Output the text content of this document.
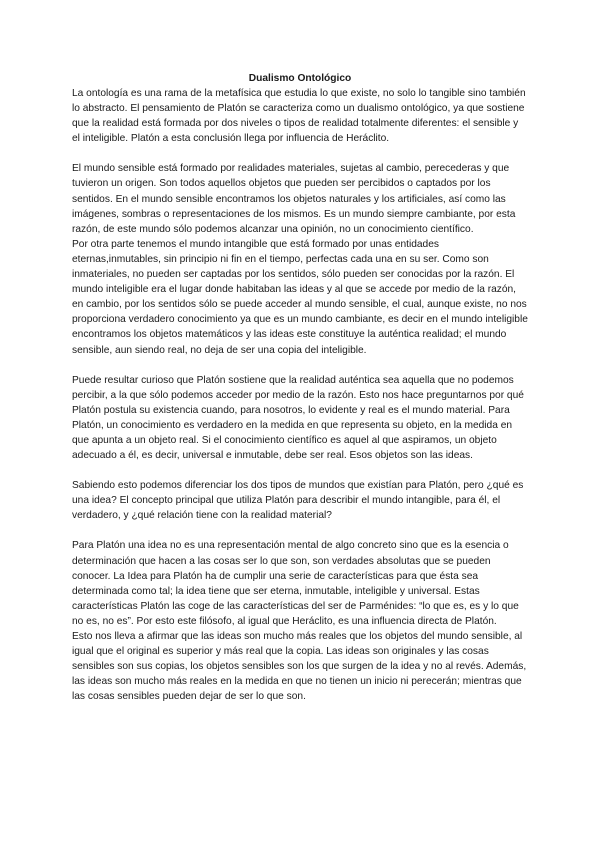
Dualismo Ontológico

La ontología es una rama de la metafísica que estudia lo que existe, no solo lo tangible sino también lo abstracto. El pensamiento de Platón se caracteriza como un dualismo ontológico, ya que sostiene que la realidad está formada por dos niveles o tipos de realidad totalmente diferentes: el sensible y el inteligible. Platón a esta conclusión llega por influencia de Heráclito.

El mundo sensible está formado por realidades materiales, sujetas al cambio, perecederas y que tuvieron un origen. Son todos aquellos objetos que pueden ser percibidos o captados por los sentidos. En el mundo sensible encontramos los objetos naturales y los artificiales, así como las imágenes, sombras o representaciones de los mismos. Es un mundo siempre cambiante, por esta razón, de este mundo sólo podemos alcanzar una opinión, no un conocimiento científico.

Por otra parte tenemos el mundo intangible que está formado por unas entidades eternas,inmutables, sin principio ni fin en el tiempo, perfectas cada una en su ser. Como son inmateriales, no pueden ser captadas por los sentidos, sólo pueden ser conocidas por la razón. El mundo inteligible era el lugar donde habitaban las ideas y al que se accede por medio de la razón, en cambio, por los sentidos sólo se puede acceder al mundo sensible, el cual, aunque existe, no nos proporciona verdadero conocimiento ya que es un mundo cambiante, es decir en el mundo inteligible encontramos los objetos matemáticos y las ideas este constituye la auténtica realidad; el mundo sensible, aun siendo real, no deja de ser una copia del inteligible.

Puede resultar curioso que Platón sostiene que la realidad auténtica sea aquella que no podemos percibir, a la que sólo podemos acceder por medio de la razón. Esto nos hace preguntarnos por qué Platón postula su existencia cuando, para nosotros, lo evidente y real es el mundo material. Para Platón, un conocimiento es verdadero en la medida en que representa su objeto, en la medida en que apunta a un objeto real. Si el conocimiento científico es aquel al que aspiramos, un objeto adecuado a él, es decir, universal e inmutable, debe ser real. Esos objetos son las ideas.

Sabiendo esto podemos diferenciar los dos tipos de mundos que existían para Platón, pero ¿qué es una idea? El concepto principal que utiliza Platón para describir el mundo intangible, para él, el verdadero, y ¿qué relación tiene con la realidad material?

Para Platón una idea no es una representación mental de algo concreto sino que es la esencia o determinación que hacen a las cosas ser lo que son, son verdades absolutas que se pueden conocer. La Idea para Platón ha de cumplir una serie de características para que ésta sea determinada como tal; la idea tiene que ser eterna, inmutable, inteligible y universal. Estas características Platón las coge de las características del ser de Parménides: “lo que es, es y lo que no es, no es”. Por esto este filósofo, al igual que Heráclito, es una influencia directa de Platón.

Esto nos lleva a afirmar que las ideas son mucho más reales que los objetos del mundo sensible, al igual que el original es superior y más real que la copia. Las ideas son originales y las cosas sensibles son sus copias, los objetos sensibles son los que surgen de la idea y no al revés. Además, las ideas son mucho más reales en la medida en que no tienen un inicio ni perecerán; mientras que las cosas sensibles pueden dejar de ser lo que son.
